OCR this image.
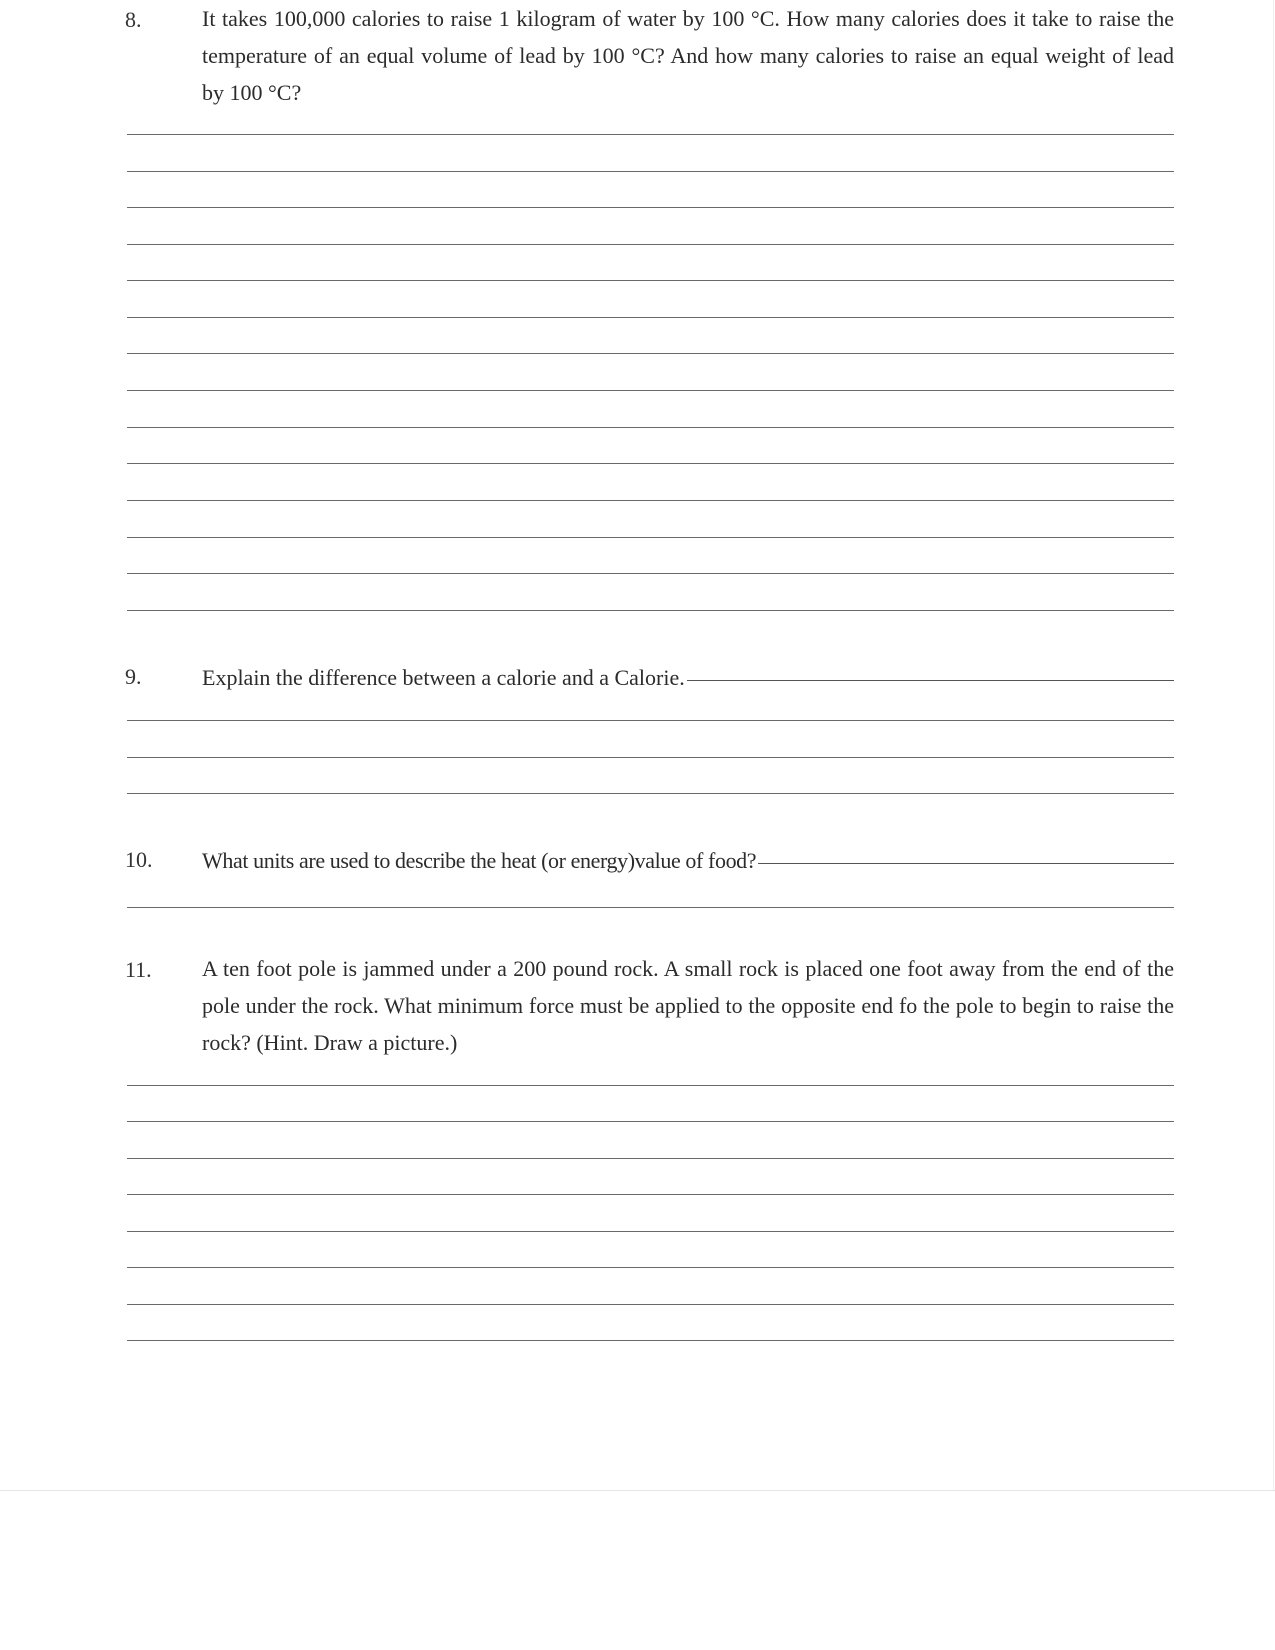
8.	It takes 100,000 calories to raise 1 kilogram of water by 100 °C. How many calories does it take to raise the temperature of an equal volume of lead by 100 °C? And how many calories to raise an equal weight of lead by 100 °C?
9.	Explain the difference between a calorie and a Calorie.
10. What units are used to describe the heat (or energy)value of food?
11. A ten foot pole is jammed under a 200 pound rock. A small rock is placed one foot away from the end of the pole under the rock. What minimum force must be applied to the opposite end fo the pole to begin to raise the rock? (Hint. Draw a picture.)
